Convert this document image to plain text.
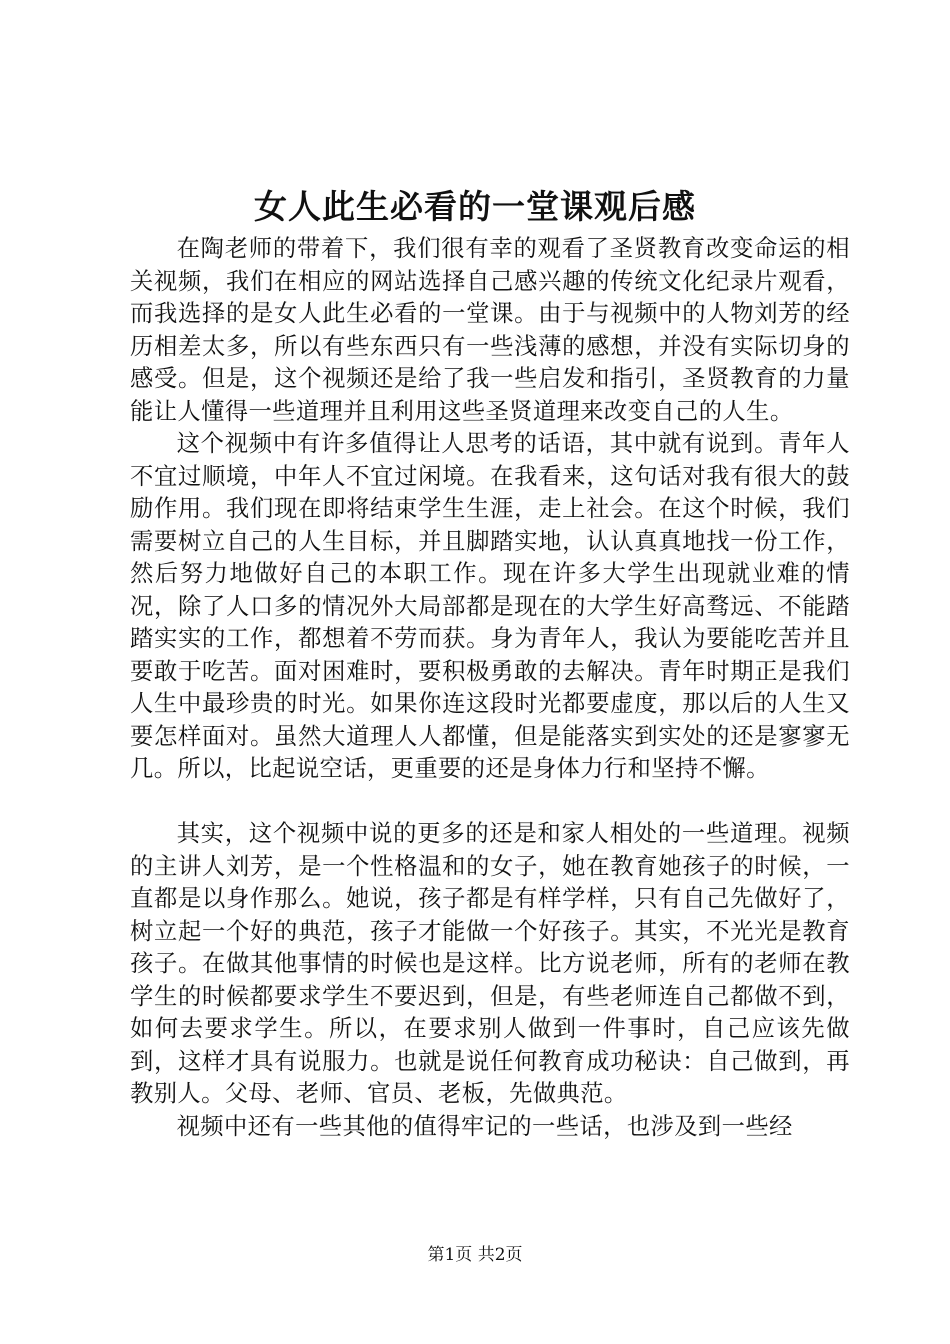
女人此生必看的一堂课观后感

在陶老师的带着下，我们很有幸的观看了圣贤教育改变命运的相关视频，我们在相应的网站选择自己感兴趣的传统文化纪录片观看，而我选择的是女人此生必看的一堂课。由于与视频中的人物刘芳的经历相差太多，所以有些东西只有一些浅薄的感想，并没有实际切身的感受。但是，这个视频还是给了我一些启发和指引，圣贤教育的力量能让人懂得一些道理并且利用这些圣贤道理来改变自己的人生。

这个视频中有许多值得让人思考的话语，其中就有说到。青年人不宜过顺境，中年人不宜过闲境。在我看来，这句话对我有很大的鼓励作用。我们现在即将结束学生生涯，走上社会。在这个时候，我们需要树立自己的人生目标，并且脚踏实地，认认真真地找一份工作，然后努力地做好自己的本职工作。现在许多大学生出现就业难的情况，除了人口多的情况外大局部都是现在的大学生好高骛远、不能踏踏实实的工作，都想着不劳而获。身为青年人，我认为要能吃苦并且要敢于吃苦。面对困难时，要积极勇敢的去解决。青年时期正是我们人生中最珍贵的时光。如果你连这段时光都要虚度，那以后的人生又要怎样面对。虽然大道理人人都懂，但是能落实到实处的还是寥寥无几。所以，比起说空话，更重要的还是身体力行和坚持不懈。

其实，这个视频中说的更多的还是和家人相处的一些道理。视频的主讲人刘芳，是一个性格温和的女子，她在教育她孩子的时候，一直都是以身作那么。她说，孩子都是有样学样，只有自己先做好了，树立起一个好的典范，孩子才能做一个好孩子。其实，不光光是教育孩子。在做其他事情的时候也是这样。比方说老师，所有的老师在教学生的时候都要求学生不要迟到，但是，有些老师连自己都做不到，如何去要求学生。所以，在要求别人做到一件事时，自己应该先做到，这样才具有说服力。也就是说任何教育成功秘诀：自己做到，再教别人。父母、老师、官员、老板，先做典范。

视频中还有一些其他的值得牢记的一些话，也涉及到一些经

第1页 共2页
